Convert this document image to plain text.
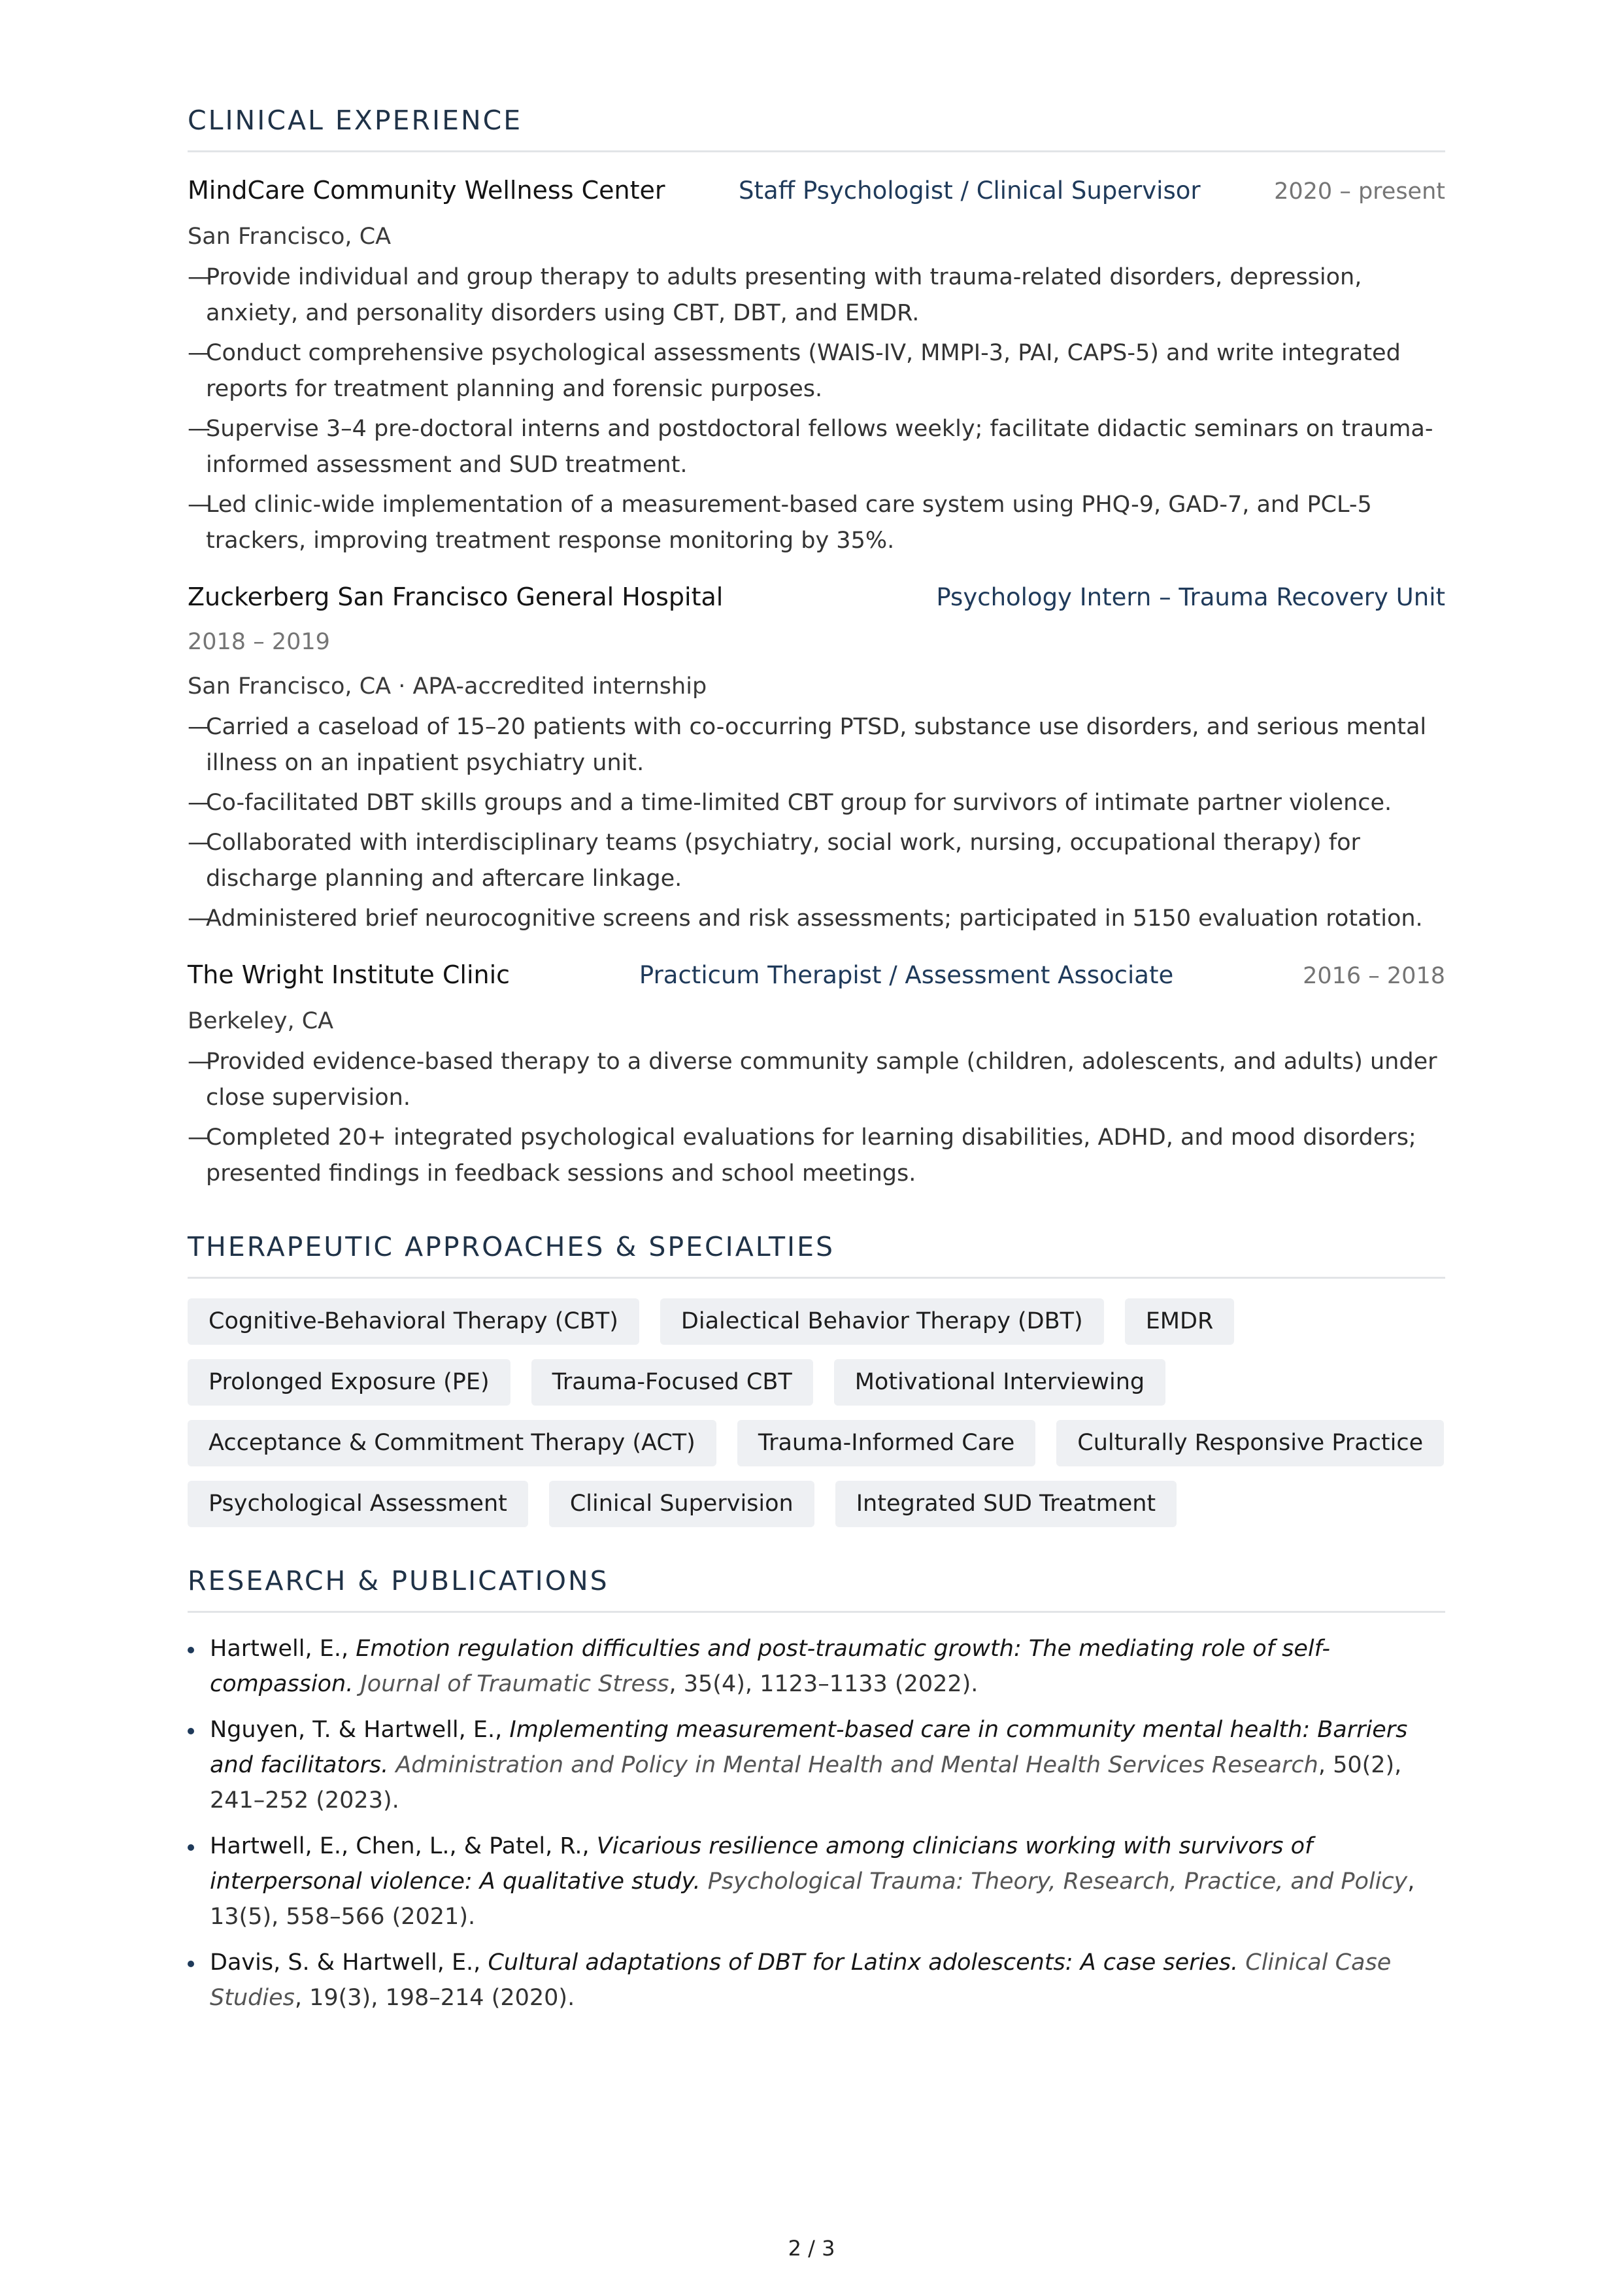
CLINICAL EXPERIENCE
MindCare Community Wellness Center	Staff Psychologist / Clinical Supervisor	2020 – present
San Francisco, CA
—
Provide individual and group therapy to adults presenting with trauma-related disorders, depression, anxiety, and personality disorders using CBT, DBT, and EMDR.
—
Conduct comprehensive psychological assessments (WAIS-IV, MMPI-3, PAI, CAPS-5) and write integrated reports for treatment planning and forensic purposes.
—
Supervise 3–4 pre-doctoral interns and postdoctoral fellows weekly; facilitate didactic seminars on trauma-informed assessment and SUD treatment.
—
Led clinic-wide implementation of a measurement-based care system using PHQ-9, GAD-7, and PCL-5 trackers, improving treatment response monitoring by 35%.
Zuckerberg San Francisco General Hospital	Psychology Intern – Trauma Recovery Unit
2018 – 2019
San Francisco, CA · APA-accredited internship
—
Carried a caseload of 15–20 patients with co-occurring PTSD, substance use disorders, and serious mental illness on an inpatient psychiatry unit.
—
Co-facilitated DBT skills groups and a time-limited CBT group for survivors of intimate partner violence.
—
Collaborated with interdisciplinary teams (psychiatry, social work, nursing, occupational therapy) for discharge planning and aftercare linkage.
—
Administered brief neurocognitive screens and risk assessments; participated in 5150 evaluation rotation.
The Wright Institute Clinic	Practicum Therapist / Assessment Associate	2016 – 2018
Berkeley, CA
—
Provided evidence-based therapy to a diverse community sample (children, adolescents, and adults) under close supervision.
—
Completed 20+ integrated psychological evaluations for learning disabilities, ADHD, and mood disorders; presented findings in feedback sessions and school meetings.
THERAPEUTIC APPROACHES & SPECIALTIES
Cognitive-Behavioral Therapy (CBT)	Dialectical Behavior Therapy (DBT)	EMDR
Prolonged Exposure (PE)	Trauma-Focused CBT	Motivational Interviewing
Acceptance & Commitment Therapy (ACT)	Trauma-Informed Care	Culturally Responsive Practice
Psychological Assessment	Clinical Supervision	Integrated SUD Treatment
RESEARCH & PUBLICATIONS
Hartwell, E., Emotion regulation difficulties and post-traumatic growth: The mediating role of self-compassion. Journal of Traumatic Stress, 35(4), 1123–1133 (2022).
Nguyen, T. & Hartwell, E., Implementing measurement-based care in community mental health: Barriers and facilitators. Administration and Policy in Mental Health and Mental Health Services Research, 50(2), 241–252 (2023).
Hartwell, E., Chen, L., & Patel, R., Vicarious resilience among clinicians working with survivors of interpersonal violence: A qualitative study. Psychological Trauma: Theory, Research, Practice, and Policy, 13(5), 558–566 (2021).
Davis, S. & Hartwell, E., Cultural adaptations of DBT for Latinx adolescents: A case series. Clinical Case Studies, 19(3), 198–214 (2020).
2 / 3
